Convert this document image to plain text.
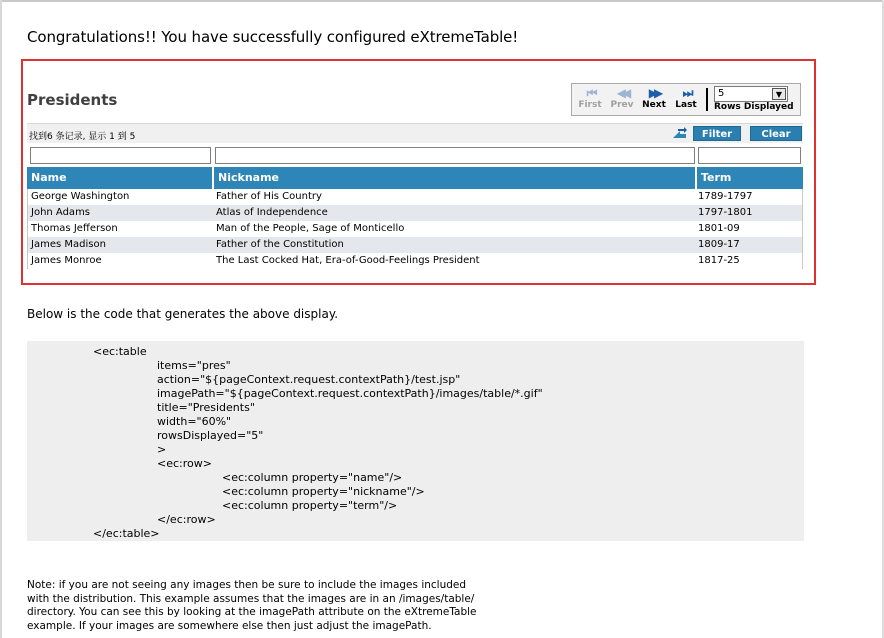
Congratulations!! You have successfully configured eXtremeTable!
Presidents	⏮
First
◀◀
Prev
▶▶
Next
⏭
Last
5	▼
Rows Displayed
找到6 条记录, 显示 1 到 5	Filter	Clear
Name	Nickname	Term
George Washington	Father of His Country	1789-1797
John Adams	Atlas of Independence	1797-1801
Thomas Jefferson	Man of the People, Sage of Monticello	1801-09
James Madison	Father of the Constitution	1809-17
James Monroe	The Last Cocked Hat, Era-of-Good-Feelings President	1817-25
Below is the code that generates the above display.
<ec:table
items="pres"
action="${pageContext.request.contextPath}/test.jsp"
imagePath="${pageContext.request.contextPath}/images/table/*.gif"
title="Presidents"
width="60%"
rowsDisplayed="5"
>
<ec:row>
<ec:column property="name"/>
<ec:column property="nickname"/>
<ec:column property="term"/>
</ec:row>
</ec:table>
Note: if you are not seeing any images then be sure to include the images included
with the distribution. This example assumes that the images are in an /images/table/
directory. You can see this by looking at the imagePath attribute on the eXtremeTable
example. If your images are somewhere else then just adjust the imagePath.
